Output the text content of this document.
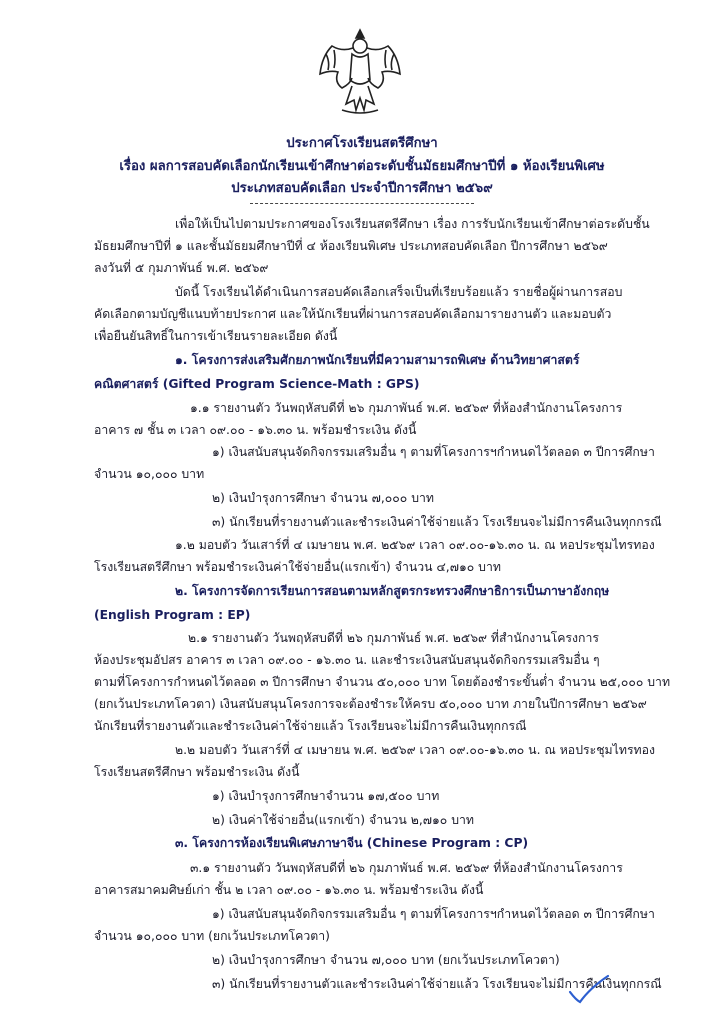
ประกาศโรงเรียนสตรีศึกษา
เรื่อง ผลการสอบคัดเลือกนักเรียนเข้าศึกษาต่อระดับชั้นมัธยมศึกษาปีที่ ๑ ห้องเรียนพิเศษ
ประเภทสอบคัดเลือก ประจำปีการศึกษา ๒๕๖๙
เพื่อให้เป็นไปตามประกาศของโรงเรียนสตรีศึกษา เรื่อง การรับนักเรียนเข้าศึกษาต่อระดับชั้น
มัธยมศึกษาปีที่ ๑ และชั้นมัธยมศึกษาปีที่ ๔ ห้องเรียนพิเศษ ประเภทสอบคัดเลือก ปีการศึกษา ๒๕๖๙
ลงวันที่ ๕ กุมภาพันธ์ พ.ศ. ๒๕๖๙
บัดนี้ โรงเรียนได้ดำเนินการสอบคัดเลือกเสร็จเป็นที่เรียบร้อยแล้ว รายชื่อผู้ผ่านการสอบ
คัดเลือกตามบัญชีแนบท้ายประกาศ และให้นักเรียนที่ผ่านการสอบคัดเลือกมารายงานตัว และมอบตัว
เพื่อยืนยันสิทธิ์ในการเข้าเรียนรายละเอียด ดังนี้
๑. โครงการส่งเสริมศักยภาพนักเรียนที่มีความสามารถพิเศษ ด้านวิทยาศาสตร์
คณิตศาสตร์ (Gifted Program Science-Math : GPS)
๑.๑ รายงานตัว วันพฤหัสบดีที่ ๒๖ กุมภาพันธ์ พ.ศ. ๒๕๖๙ ที่ห้องสำนักงานโครงการ
อาคาร ๗ ชั้น ๓ เวลา ๐๙.๐๐ - ๑๖.๓๐ น. พร้อมชำระเงิน ดังนี้
๑) เงินสนับสนุนจัดกิจกรรมเสริมอื่น ๆ ตามที่โครงการฯกำหนดไว้ตลอด ๓ ปีการศึกษา
จำนวน ๑๐,๐๐๐ บาท
๒) เงินบำรุงการศึกษา จำนวน ๗,๐๐๐ บาท
๓) นักเรียนที่รายงานตัวและชำระเงินค่าใช้จ่ายแล้ว โรงเรียนจะไม่มีการคืนเงินทุกกรณี
๑.๒ มอบตัว วันเสาร์ที่ ๔ เมษายน พ.ศ. ๒๕๖๙ เวลา ๐๙.๐๐-๑๖.๓๐ น. ณ หอประชุมไทรทอง
โรงเรียนสตรีศึกษา พร้อมชำระเงินค่าใช้จ่ายอื่น(แรกเข้า) จำนวน ๔,๗๑๐ บาท
๒. โครงการจัดการเรียนการสอนตามหลักสูตรกระทรวงศึกษาธิการเป็นภาษาอังกฤษ
(English Program : EP)
๒.๑ รายงานตัว วันพฤหัสบดีที่ ๒๖ กุมภาพันธ์ พ.ศ. ๒๕๖๙ ที่สำนักงานโครงการ
ห้องประชุมอัปสร อาคาร ๓ เวลา ๐๙.๐๐ - ๑๖.๓๐ น. และชำระเงินสนับสนุนจัดกิจกรรมเสริมอื่น ๆ
ตามที่โครงการกำหนดไว้ตลอด ๓ ปีการศึกษา จำนวน ๕๐,๐๐๐ บาท โดยต้องชำระขั้นต่ำ จำนวน ๒๕,๐๐๐ บาท
(ยกเว้นประเภทโควตา) เงินสนับสนุนโครงการจะต้องชำระให้ครบ ๕๐,๐๐๐ บาท ภายในปีการศึกษา ๒๕๖๙
นักเรียนที่รายงานตัวและชำระเงินค่าใช้จ่ายแล้ว โรงเรียนจะไม่มีการคืนเงินทุกกรณี
๒.๒ มอบตัว วันเสาร์ที่ ๔ เมษายน พ.ศ. ๒๕๖๙ เวลา ๐๙.๐๐-๑๖.๓๐ น. ณ หอประชุมไทรทอง
โรงเรียนสตรีศึกษา พร้อมชำระเงิน ดังนี้
๑) เงินบำรุงการศึกษาจำนวน ๑๗,๕๐๐ บาท
๒) เงินค่าใช้จ่ายอื่น(แรกเข้า) จำนวน ๒,๗๑๐ บาท
๓. โครงการห้องเรียนพิเศษภาษาจีน (Chinese Program : CP)
๓.๑ รายงานตัว วันพฤหัสบดีที่ ๒๖ กุมภาพันธ์ พ.ศ. ๒๕๖๙ ที่ห้องสำนักงานโครงการ
อาคารสมาคมศิษย์เก่า ชั้น ๒ เวลา ๐๙.๐๐ - ๑๖.๓๐ น. พร้อมชำระเงิน ดังนี้
๑) เงินสนับสนุนจัดกิจกรรมเสริมอื่น ๆ ตามที่โครงการฯกำหนดไว้ตลอด ๓ ปีการศึกษา
จำนวน ๑๐,๐๐๐ บาท (ยกเว้นประเภทโควตา)
๒) เงินบำรุงการศึกษา จำนวน ๗,๐๐๐ บาท (ยกเว้นประเภทโควตา)
๓) นักเรียนที่รายงานตัวและชำระเงินค่าใช้จ่ายแล้ว โรงเรียนจะไม่มีการคืนเงินทุกกรณี
